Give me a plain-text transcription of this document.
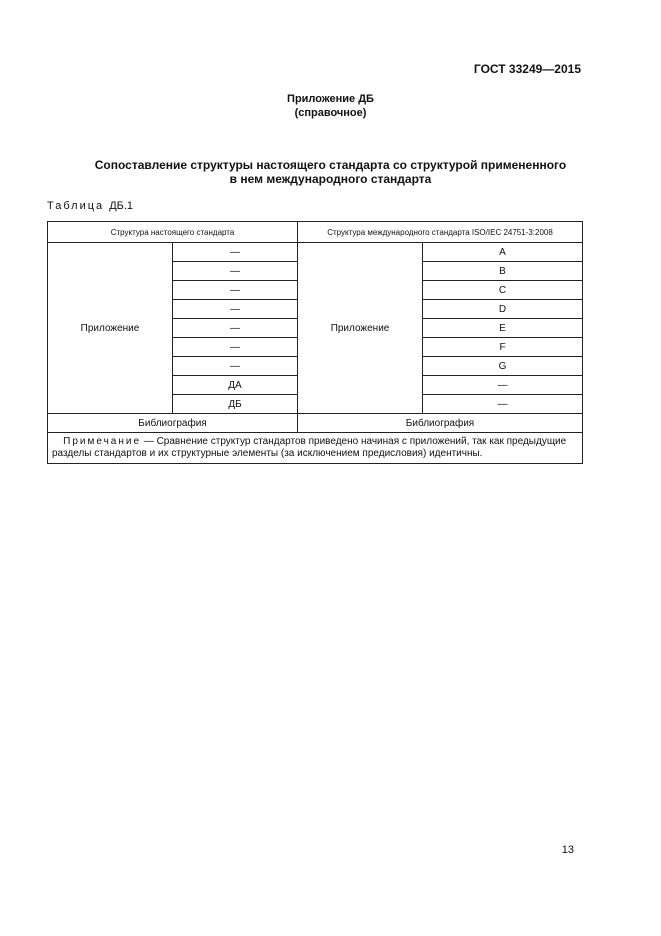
ГОСТ 33249—2015
Приложение ДБ
(справочное)
Сопоставление структуры настоящего стандарта со структурой примененного
в нем международного стандарта
Таблица ДБ.1
Структура настоящего стандарта		Структура международного стандарта ISO/IEC 24751-3:2008	
Приложение	—	Приложение	A
	—		B
	—		C
	—		D
	—		E
	—		F
	—		G
	ДА		—
	ДБ		—
Библиография		Библиография	
Примечание — Сравнение структур стандартов приведено начиная с приложений, так как предыдущие разделы стандартов и их структурные элементы (за исключением предисловия) идентичны.			
13
